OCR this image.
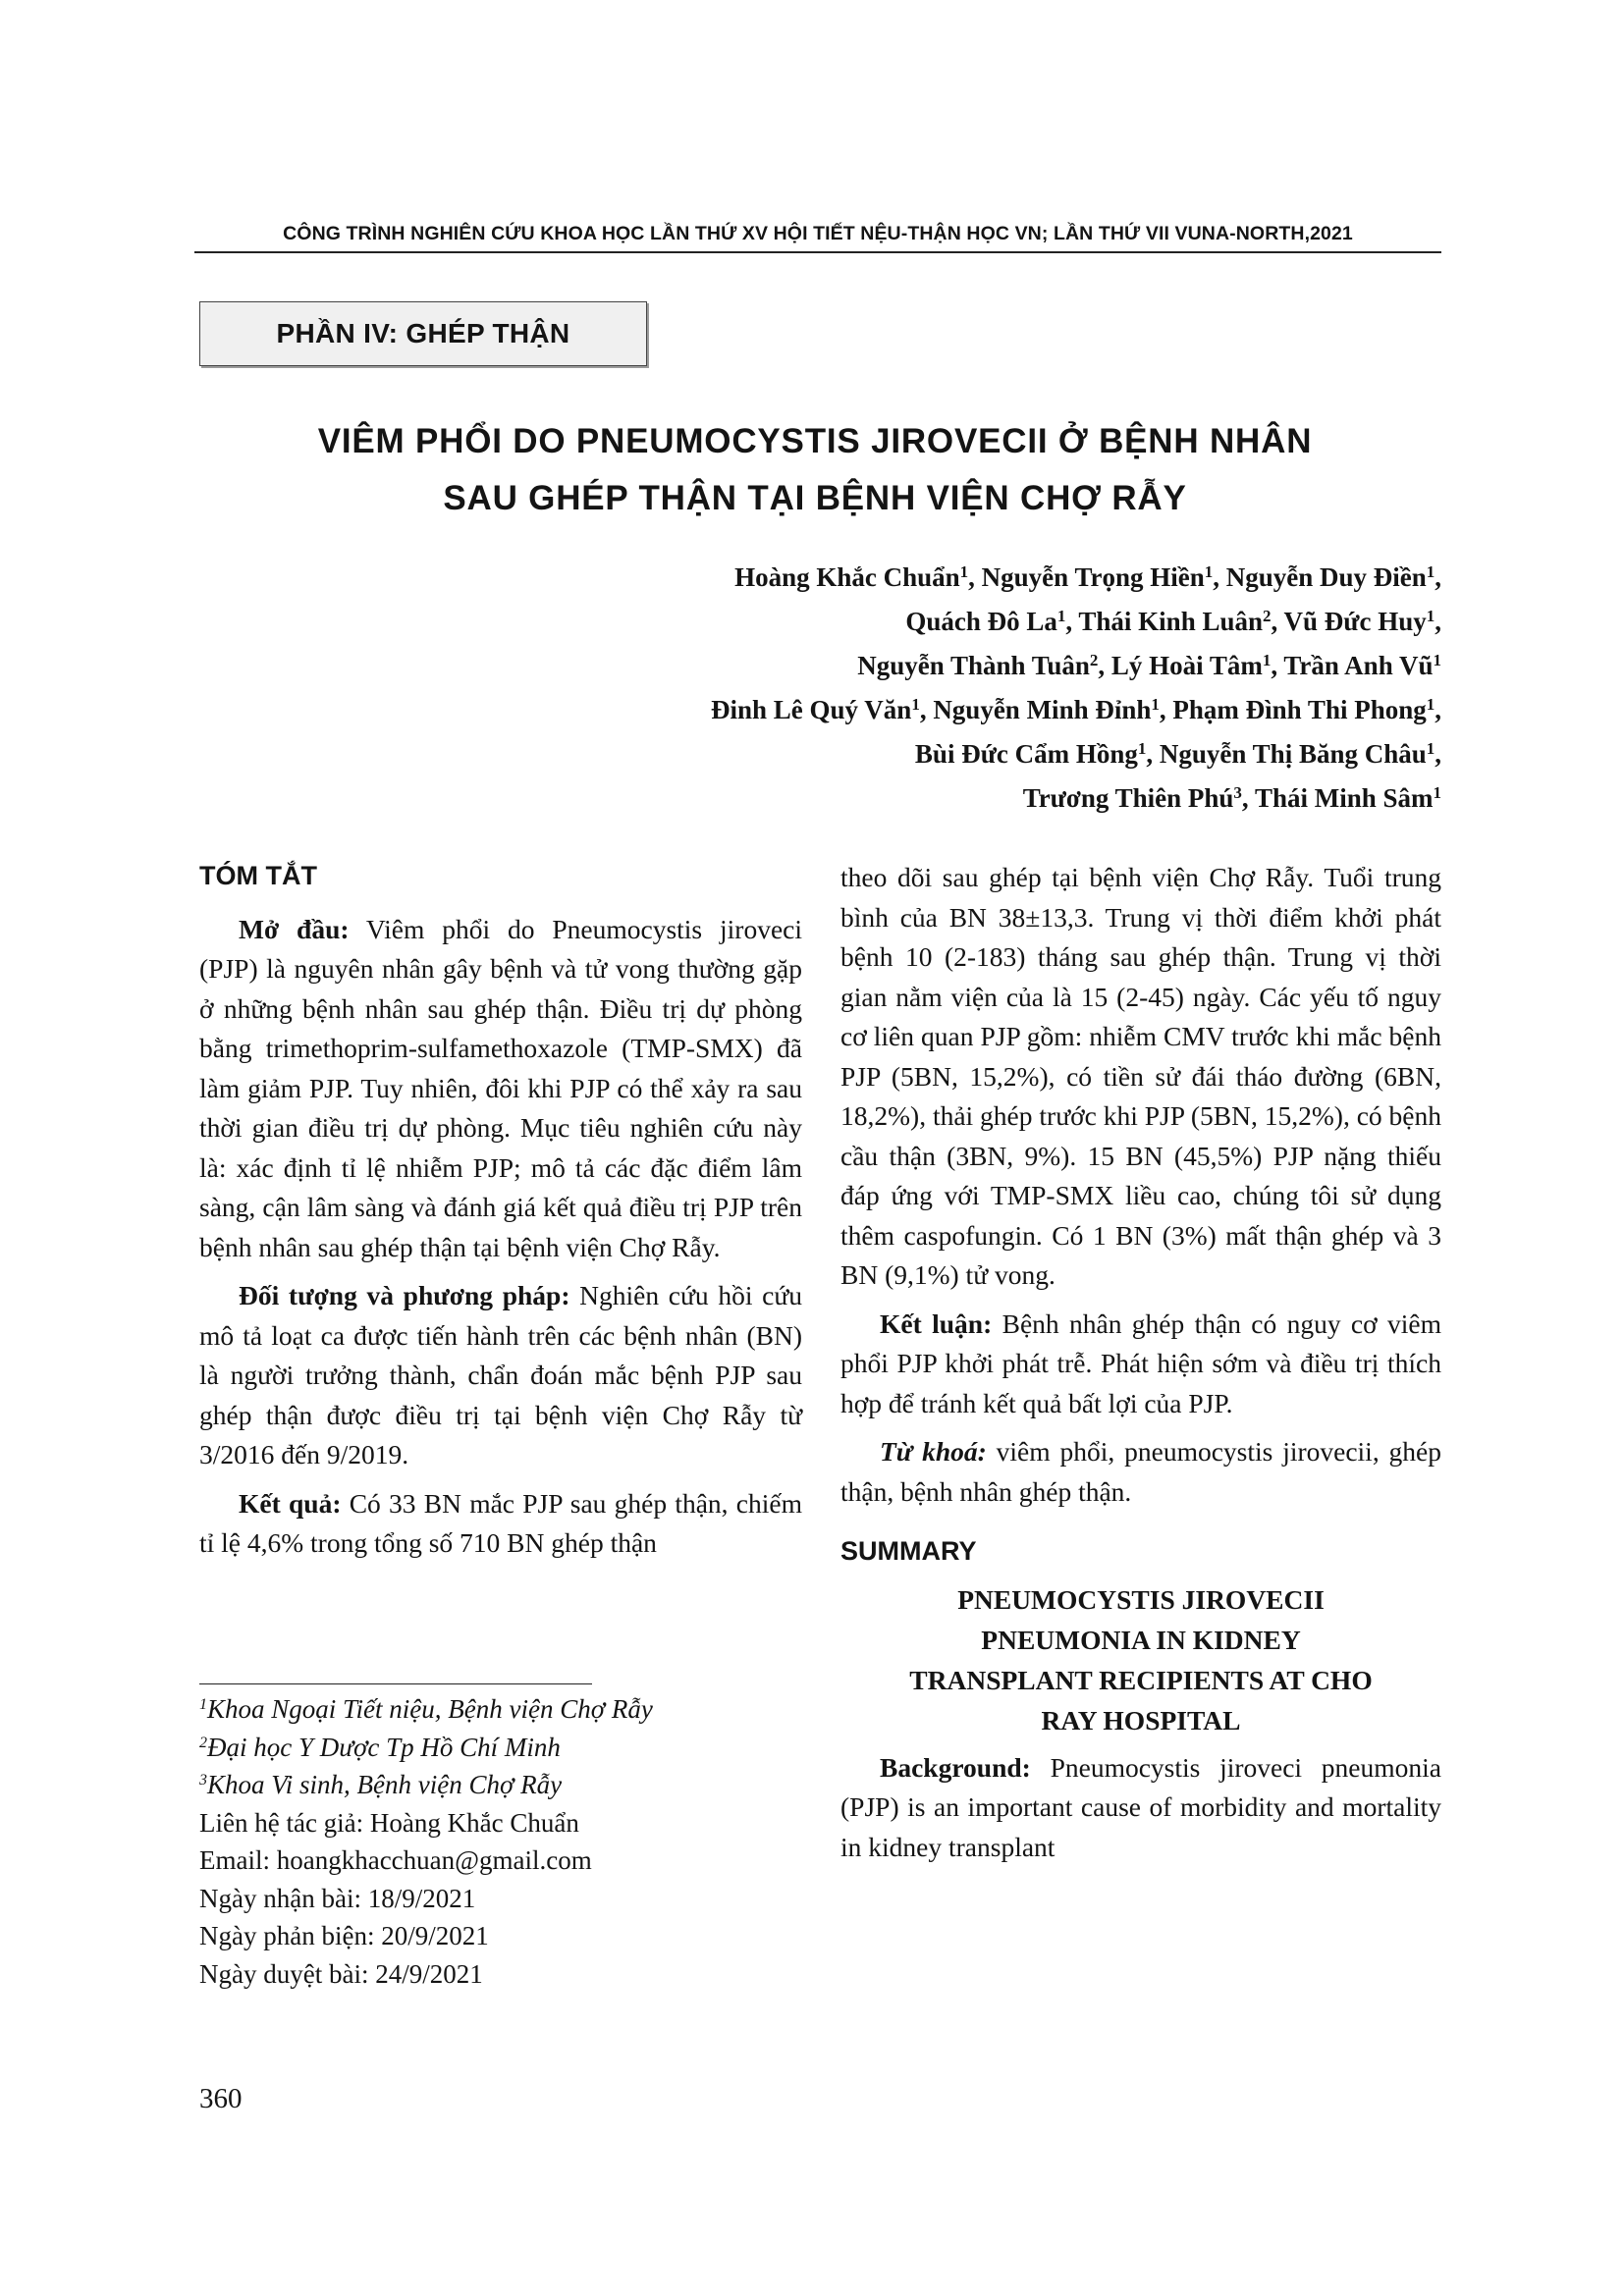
CÔNG TRÌNH NGHIÊN CỨU KHOA HỌC LẦN THỨ XV HỘI TIẾT NỆU-THẬN HỌC VN; LẦN THỨ VII VUNA-NORTH,2021
PHẦN IV: GHÉP THẬN
VIÊM PHỔI DO PNEUMOCYSTIS JIROVECII Ở BỆNH NHÂN
SAU GHÉP THẬN TẠI BỆNH VIỆN CHỢ RẪY
Hoàng Khắc Chuẩn$^1$, Nguyễn Trọng Hiền$^1$, Nguyễn Duy Điền$^1$,
Quách Đô La$^1$, Thái Kinh Luân$^2$, Vũ Đức Huy$^1$,
Nguyễn Thành Tuân$^2$, Lý Hoài Tâm$^1$, Trần Anh $Vũ^1$
Đinh Lê Quý Văn$^1$, Nguyễn Minh Đỉnh$^1$, Phạm Đình Thi Phong$^1$,
Bùi Đức Cẩm Hồng$^1$, Nguyễn Thị Băng Châu$^1$,
Trương Thiên Phú$^3$, Thái Minh Sâm$^1$
TÓM TẮT

Mở đầu: Viêm phổi do Pneumocystis jiroveci (PJP) là nguyên nhân gây bệnh và tử vong thường gặp ở những bệnh nhân sau ghép thận. Điều trị dự phòng bằng trimethoprim-sulfamethoxazole (TMP-SMX) đã làm giảm PJP. Tuy nhiên, đôi khi PJP có thể xảy ra sau thời gian điều trị dự phòng. Mục tiêu nghiên cứu này là: xác định tỉ lệ nhiễm PJP; mô tả các đặc điểm lâm sàng, cận lâm sàng và đánh giá kết quả điều trị PJP trên bệnh nhân sau ghép thận tại bệnh viện Chợ Rẫy.

Đối tượng và phương pháp: Nghiên cứu hồi cứu mô tả loạt ca được tiến hành trên các bệnh nhân (BN) là người trưởng thành, chẩn đoán mắc bệnh PJP sau ghép thận được điều trị tại bệnh viện Chợ Rẫy từ 3/2016 đến 9/2019.

Kết quả: Có 33 BN mắc PJP sau ghép thận, chiếm tỉ lệ 4,6% trong tổng số 710 BN ghép thận

theo dõi sau ghép tại bệnh viện Chợ Rẫy. Tuổi trung bình của BN 38±13,3. Trung vị thời điểm khởi phát bệnh 10 (2-183) tháng sau ghép thận. Trung vị thời gian nằm viện của là 15 (2-45) ngày. Các yếu tố nguy cơ liên quan PJP gồm: nhiễm CMV trước khi mắc bệnh PJP (5BN, 15,2%), có tiền sử đái tháo đường (6BN, 18,2%), thải ghép trước khi PJP (5BN, 15,2%), có bệnh cầu thận (3BN, 9%). 15 BN (45,5%) PJP nặng thiếu đáp ứng với TMP-SMX liều cao, chúng tôi sử dụng thêm caspofungin. Có 1 BN (3%) mất thận ghép và 3 BN (9,1%) tử vong.

Kết luận: Bệnh nhân ghép thận có nguy cơ viêm phổi PJP khởi phát trễ. Phát hiện sớm và điều trị thích hợp để tránh kết quả bất lợi của PJP.

Từ khoá: viêm phổi, pneumocystis jirovecii, ghép thận, bệnh nhân ghép thận.

SUMMARY
PNEUMOCYSTIS JIROVECII
PNEUMONIA IN KIDNEY
TRANSPLANT RECIPIENTS AT CHO
RAY HOSPITAL

Background: Pneumocystis jiroveci pneumonia (PJP) is an important cause of morbidity and mortality in kidney transplant

$^1$Khoa Ngoại Tiết niệu, Bệnh viện Chợ Rẫy
$^2$Đại học Y Dược Tp Hồ Chí Minh
$^3$Khoa Vi sinh, Bệnh viện Chợ Rẫy
Liên hệ tác giả: Hoàng Khắc Chuẩn
Email: hoangkhacchuan@gmail.com
Ngày nhận bài: 18/9/2021
Ngày phản biện: 20/9/2021
Ngày duyệt bài: 24/9/2021
360
